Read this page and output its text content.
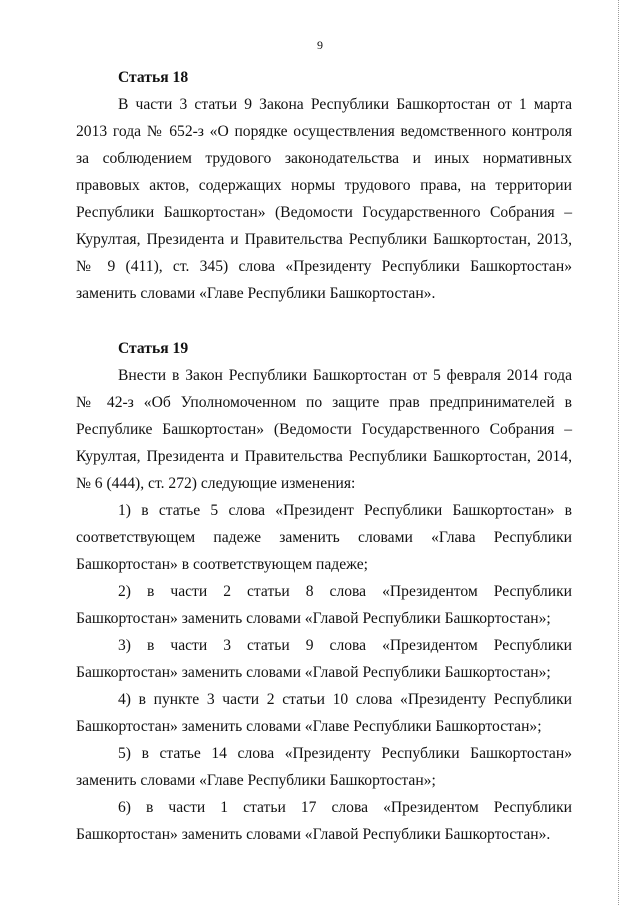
9

Статья 18

В части 3 статьи 9 Закона Республики Башкортостан от 1 марта 2013 года № 652-з «О порядке осуществления ведомственного контроля за соблюдением трудового законодательства и иных нормативных правовых актов, содержащих нормы трудового права, на территории Республики Башкортостан» (Ведомости Государственного Собрания – Курултая, Президента и Правительства Республики Башкортостан, 2013, № 9 (411), ст. 345) слова «Президенту Республики Башкортостан» заменить словами «Главе Республики Башкортостан».

Статья 19

Внести в Закон Республики Башкортостан от 5 февраля 2014 года № 42-з «Об Уполномоченном по защите прав предпринимателей в Республике Башкортостан» (Ведомости Государственного Собрания – Курултая, Президента и Правительства Республики Башкортостан, 2014, № 6 (444), ст. 272) следующие изменения:

1) в статье 5 слова «Президент Республики Башкортостан» в соответствующем падеже заменить словами «Глава Республики Башкортостан» в соответствующем падеже;

2) в части 2 статьи 8 слова «Президентом Республики Башкортостан» заменить словами «Главой Республики Башкортостан»;

3) в части 3 статьи 9 слова «Президентом Республики Башкортостан» заменить словами «Главой Республики Башкортостан»;

4) в пункте 3 части 2 статьи 10 слова «Президенту Республики Башкортостан» заменить словами «Главе Республики Башкортостан»;

5) в статье 14 слова «Президенту Республики Башкортостан» заменить словами «Главе Республики Башкортостан»;

6) в части 1 статьи 17 слова «Президентом Республики Башкортостан» заменить словами «Главой Республики Башкортостан».
